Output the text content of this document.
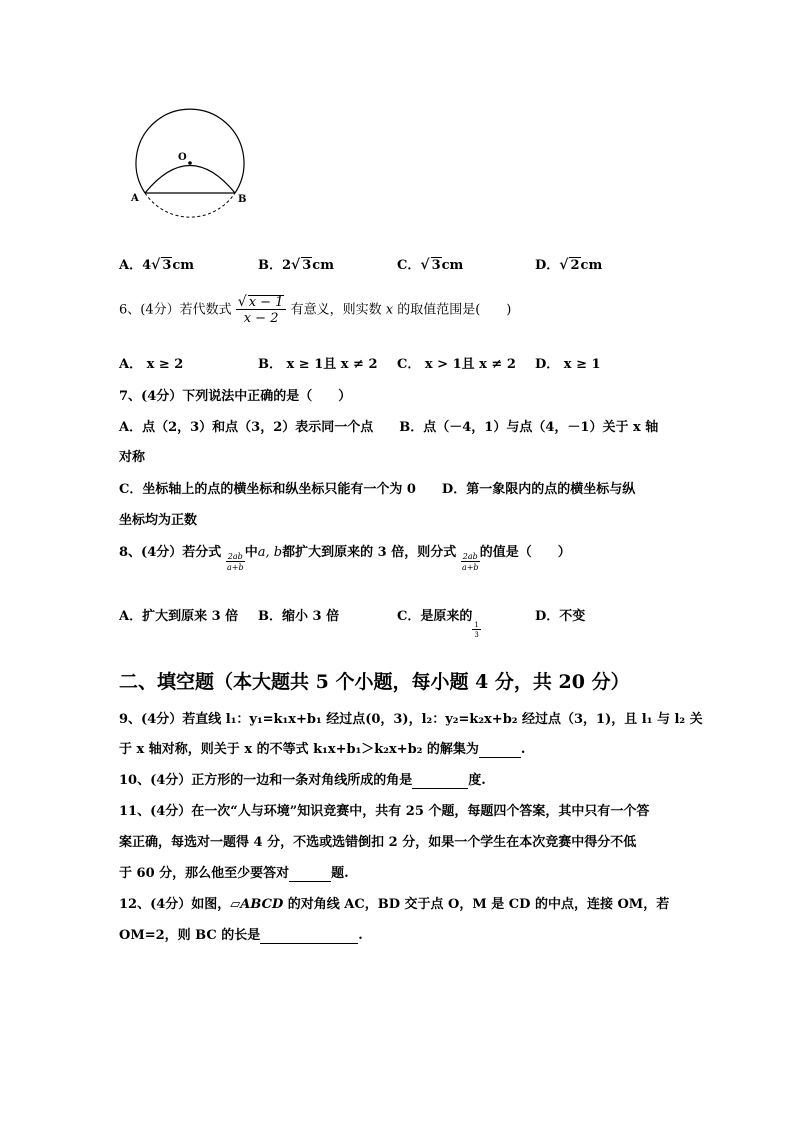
O
A	B
A．4√ 3cm	B．2√ 3cm	C．√ 3cm	D．√ 2cm
6、(4分）若代数式 $\frac{√ x - 1}{x - 2}$ 有意义，则实数 x 的取值范围是(　　)
A． x ≥ 2	B． x ≥ 1且 x ≠ 2 C． x > 1且 x ≠ 2 D． x ≥ 1
7、(4分）下列说法中正确的是（　　）
A．点（2，3）和点（3，2）表示同一个点　　B．点（－4，1）与点（4，－1）关于 x 轴
对称
C．坐标轴上的点的横坐标和纵坐标只能有一个为 0　　D．第一象限内的点的横坐标与纵
坐标均为正数
8、(4分）若分式
$\frac{2ab}{a+b}$
中a, b都扩大到原来的 3 倍，则分式
$\frac{2ab}{a+b}$
的值是（　　）
A．扩大到原来 3 倍 B．缩小 3 倍	C．是原来的
$\frac{1}{3}$
D．不变
二、填空题（本大题共 5 个小题，每小题 4 分，共 20 分）
9、(4分）若直线 l₁：y₁=k₁x+b₁ 经过点(0，3)，l₂：y₂=k₂x+b₂ 经过点（3，1)，且 l₁ 与 l₂ 关
于 x 轴对称，则关于 x 的不等式 k₁x+b₁＞k₂x+b₂ 的解集为	.
10、(4分）正方形的一边和一条对角线所成的角是	度.
11、(4分）在一次“人与环境”知识竞赛中，共有 25 个题，每题四个答案，其中只有一个答
案正确，每选对一题得 4 分，不选或选错倒扣 2 分，如果一个学生在本次竞赛中得分不低
于 60 分，那么他至少要答对	题.
12、(4分）如图，▱ABCD 的对角线 AC，BD 交于点 O，M 是 CD 的中点，连接 OM，若
OM=2，则 BC 的长是	.
